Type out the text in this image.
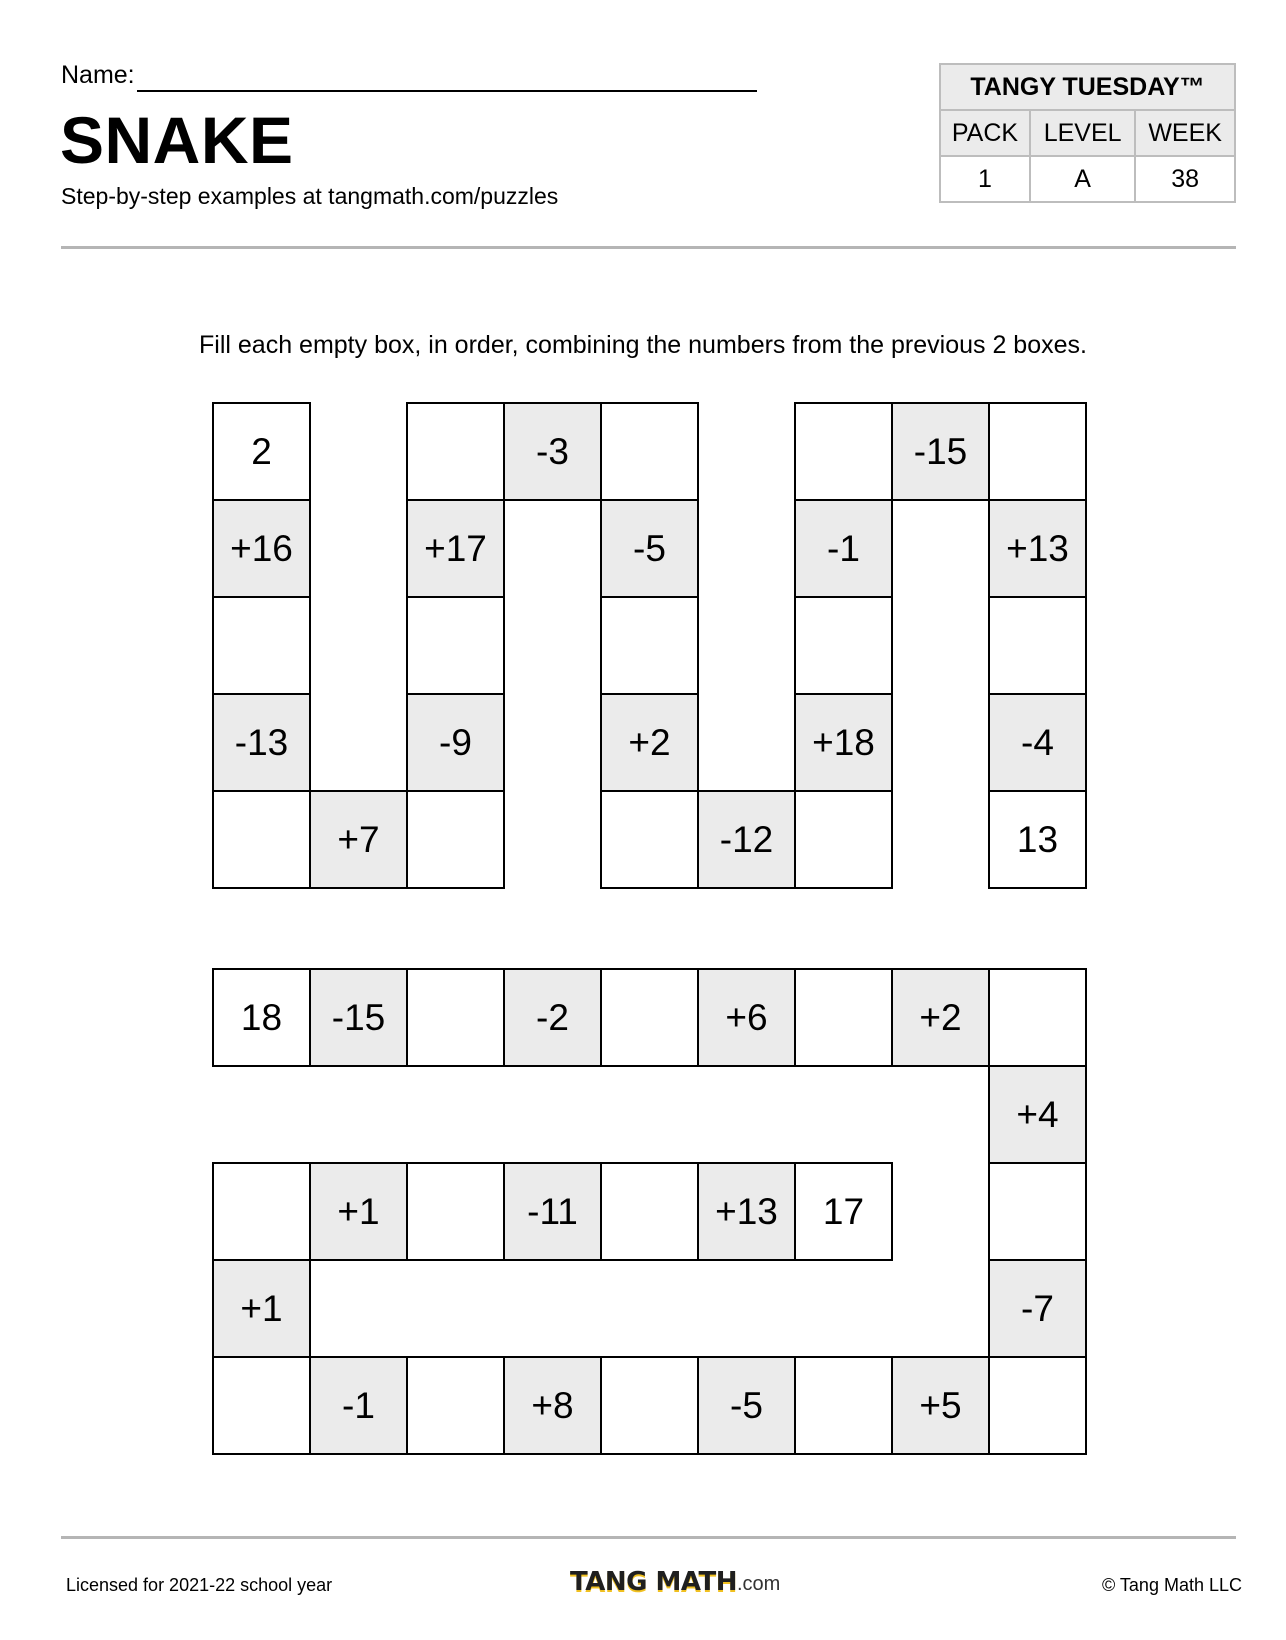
Name:
SNAKE
Step-by-step examples at tangmath.com/puzzles
TANGY TUESDAY™		
PACK	LEVEL	WEEK
1	A	38
Fill each empty box, in order, combining the numbers from the previous 2 boxes.
2
+16
-13
+7
-9
+17
-3
-5
+2
-12
+18
-1
-15
+13
-4
13
18	-15	-2	+6	+2
+4
-7
+5
-5
+8
-1
+1
+1	-11	+13	17
Licensed for 2021-22 school year	TANG MATH.com	© Tang Math LLC
